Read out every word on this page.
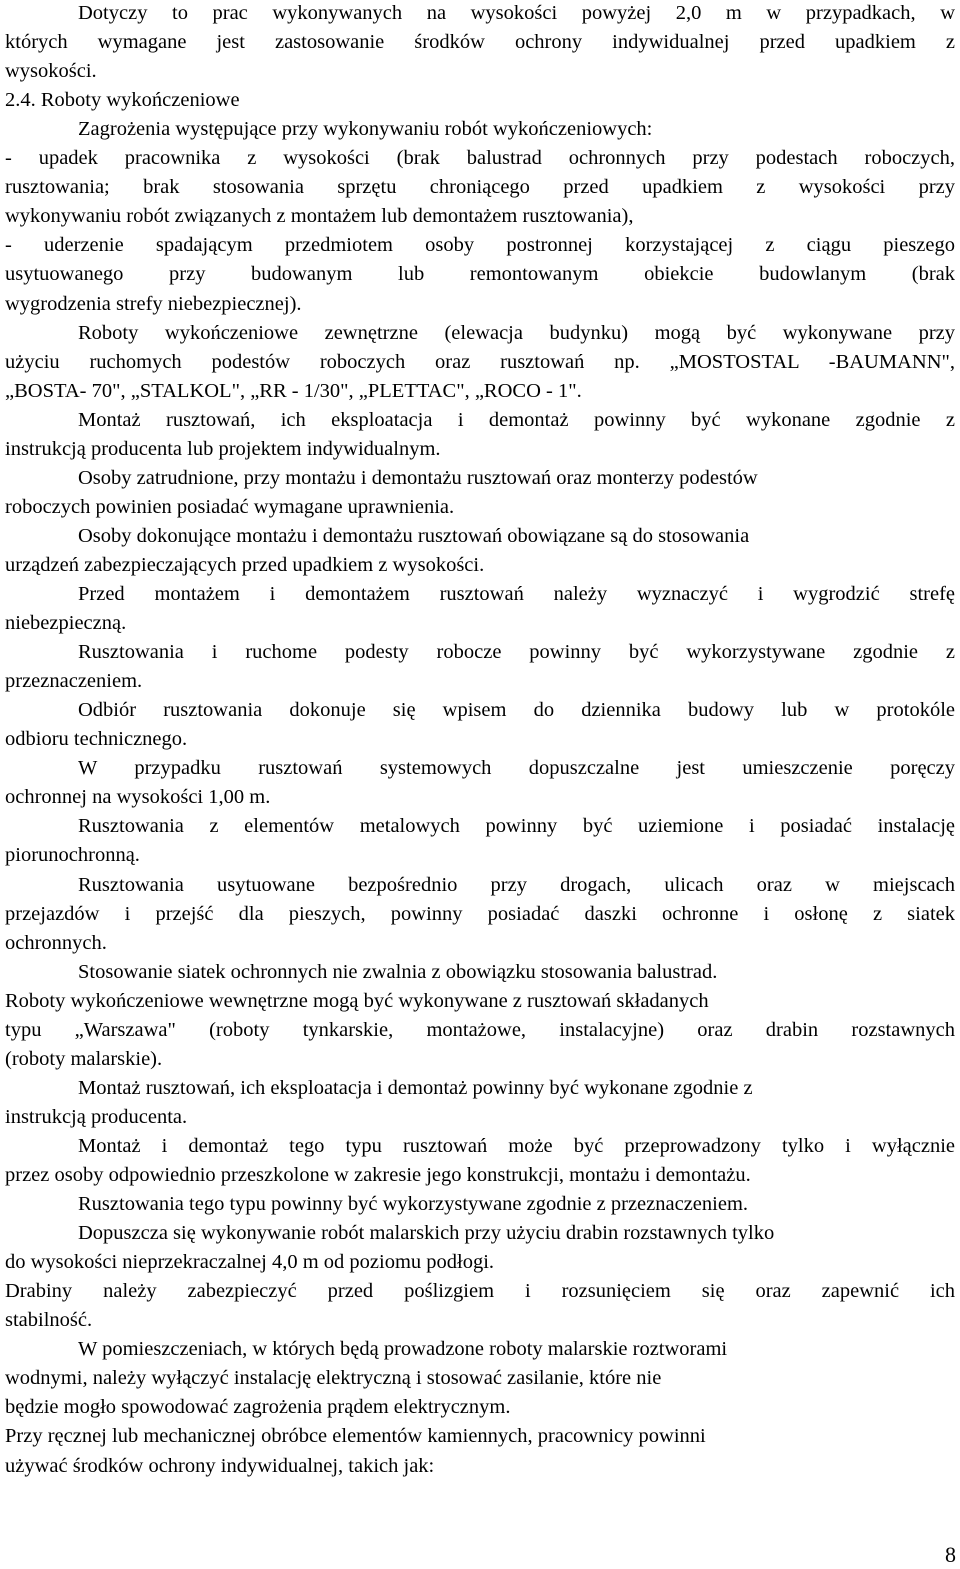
Dotyczy to prac wykonywanych na wysokości powyżej 2,0 m w przypadkach, w
których wymagane jest zastosowanie środków ochrony indywidualnej przed upadkiem z
wysokości.
2.4. Roboty wykończeniowe
Zagrożenia występujące przy wykonywaniu robót wykończeniowych:
- upadek pracownika z wysokości (brak balustrad ochronnych przy podestach roboczych,
rusztowania; brak stosowania sprzętu chroniącego przed upadkiem z wysokości przy
wykonywaniu robót związanych z montażem lub demontażem rusztowania),
- uderzenie spadającym przedmiotem osoby postronnej korzystającej z ciągu pieszego
usytuowanego przy budowanym lub remontowanym obiekcie budowlanym (brak
wygrodzenia strefy niebezpiecznej).
Roboty wykończeniowe zewnętrzne (elewacja budynku) mogą być wykonywane przy
użyciu ruchomych podestów roboczych oraz rusztowań np. „MOSTOSTAL -BAUMANN",
„BOSTA- 70", „STALKOL", „RR - 1/30", „PLETTAC", „ROCO - 1".
Montaż rusztowań, ich eksploatacja i demontaż powinny być wykonane zgodnie z
instrukcją producenta lub projektem indywidualnym.
Osoby zatrudnione, przy montażu i demontażu rusztowań oraz monterzy podestów
roboczych powinien posiadać wymagane uprawnienia.
Osoby dokonujące montażu i demontażu rusztowań obowiązane są do stosowania
urządzeń zabezpieczających przed upadkiem z wysokości.
Przed montażem i demontażem rusztowań należy wyznaczyć i wygrodzić strefę
niebezpieczną.
Rusztowania i ruchome podesty robocze powinny być wykorzystywane zgodnie z
przeznaczeniem.
Odbiór rusztowania dokonuje się wpisem do dziennika budowy lub w protokóle
odbioru technicznego.
W przypadku rusztowań systemowych dopuszczalne jest umieszczenie poręczy
ochronnej na wysokości 1,00 m.
Rusztowania z elementów metalowych powinny być uziemione i posiadać instalację
piorunochronną.
Rusztowania usytuowane bezpośrednio przy drogach, ulicach oraz w miejscach
przejazdów i przejść dla pieszych, powinny posiadać daszki ochronne i osłonę z siatek
ochronnych.
Stosowanie siatek ochronnych nie zwalnia z obowiązku stosowania balustrad.
Roboty wykończeniowe wewnętrzne mogą być wykonywane z rusztowań składanych
typu „Warszawa" (roboty tynkarskie, montażowe, instalacyjne) oraz drabin rozstawnych
(roboty malarskie).
Montaż rusztowań, ich eksploatacja i demontaż powinny być wykonane zgodnie z
instrukcją producenta.
Montaż i demontaż tego typu rusztowań może być przeprowadzony tylko i wyłącznie
przez osoby odpowiednio przeszkolone w zakresie jego konstrukcji, montażu i demontażu.
Rusztowania tego typu powinny być wykorzystywane zgodnie z przeznaczeniem.
Dopuszcza się wykonywanie robót malarskich przy użyciu drabin rozstawnych tylko
do wysokości nieprzekraczalnej 4,0 m od poziomu podłogi.
Drabiny należy zabezpieczyć przed poślizgiem i rozsunięciem się oraz zapewnić ich
stabilność.
W pomieszczeniach, w których będą prowadzone roboty malarskie roztworami
wodnymi, należy wyłączyć instalację elektryczną i stosować zasilanie, które nie
będzie mogło spowodować zagrożenia prądem elektrycznym.
Przy ręcznej lub mechanicznej obróbce elementów kamiennych, pracownicy powinni
używać środków ochrony indywidualnej, takich jak:
8
